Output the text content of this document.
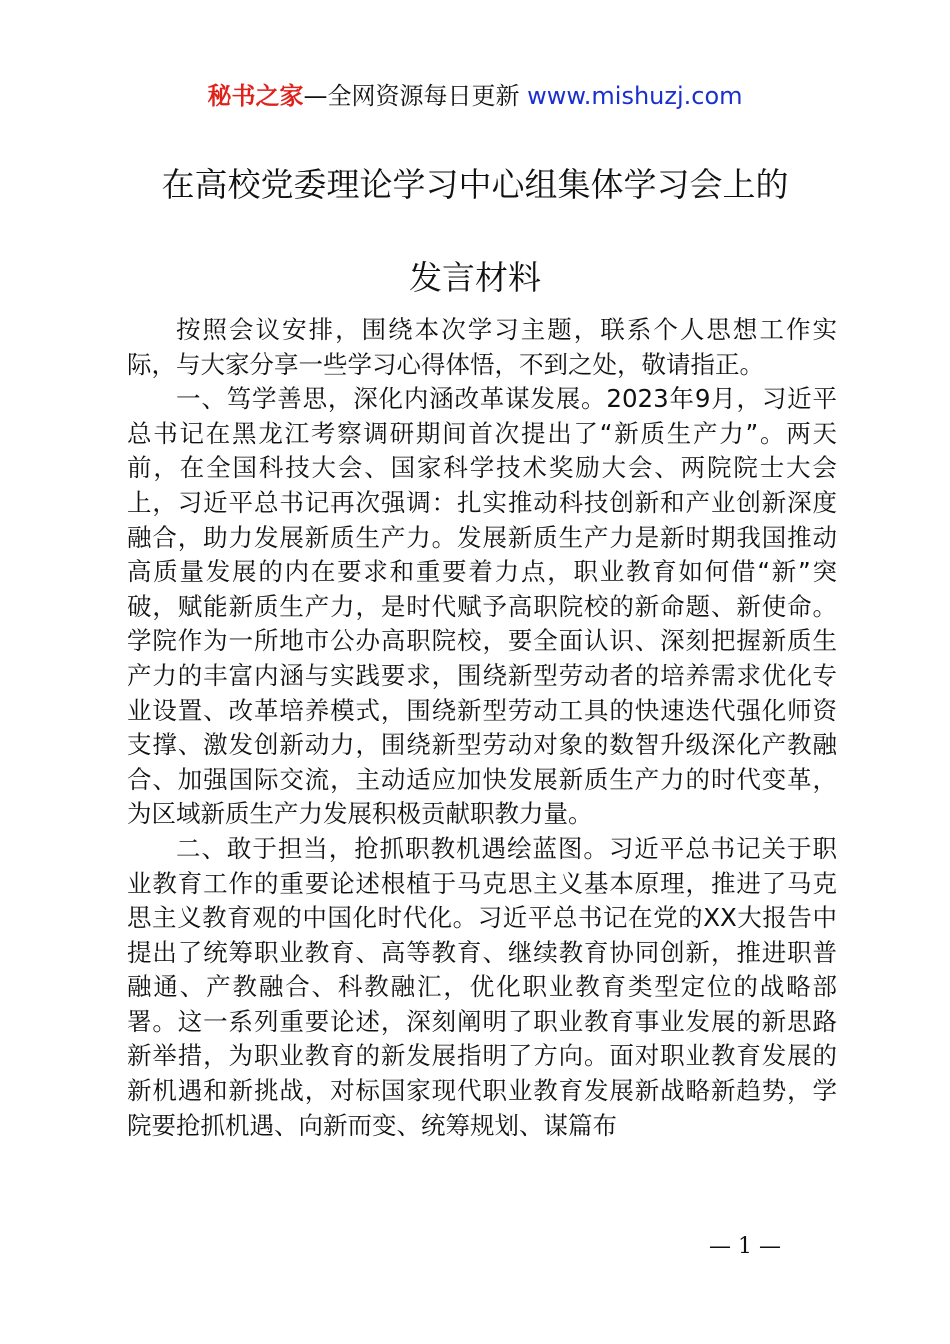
秘书之家—全网资源每日更新 www.mishuzj.com
在高校党委理论学习中心组集体学习会上的
发言材料

按照会议安排，围绕本次学习主题，联系个人思想工作实际，与大家分享一些学习心得体悟，不到之处，敬请指正。

一、笃学善思，深化内涵改革谋发展。2023年9月，习近平总书记在黑龙江考察调研期间首次提出了“新质生产力”。两天前，在全国科技大会、国家科学技术奖励大会、两院院士大会上，习近平总书记再次强调：扎实推动科技创新和产业创新深度融合，助力发展新质生产力。发展新质生产力是新时期我国推动高质量发展的内在要求和重要着力点，职业教育如何借“新”突破，赋能新质生产力，是时代赋予高职院校的新命题、新使命。学院作为一所地市公办高职院校，要全面认识、深刻把握新质生产力的丰富内涵与实践要求，围绕新型劳动者的培养需求优化专业设置、改革培养模式，围绕新型劳动工具的快速迭代强化师资支撑、激发创新动力，围绕新型劳动对象的数智升级深化产教融合、加强国际交流，主动适应加快发展新质生产力的时代变革，为区域新质生产力发展积极贡献职教力量。

二、敢于担当，抢抓职教机遇绘蓝图。习近平总书记关于职业教育工作的重要论述根植于马克思主义基本原理，推进了马克思主义教育观的中国化时代化。习近平总书记在党的XX大报告中提出了统筹职业教育、高等教育、继续教育协同创新，推进职普融通、产教融合、科教融汇，优化职业教育类型定位的战略部署。这一系列重要论述，深刻阐明了职业教育事业发展的新思路新举措，为职业教育的新发展指明了方向。面对职业教育发展的新机遇和新挑战，对标国家现代职业教育发展新战略新趋势，学院要抢抓机遇、向新而变、统筹规划、谋篇布

— 1 —
